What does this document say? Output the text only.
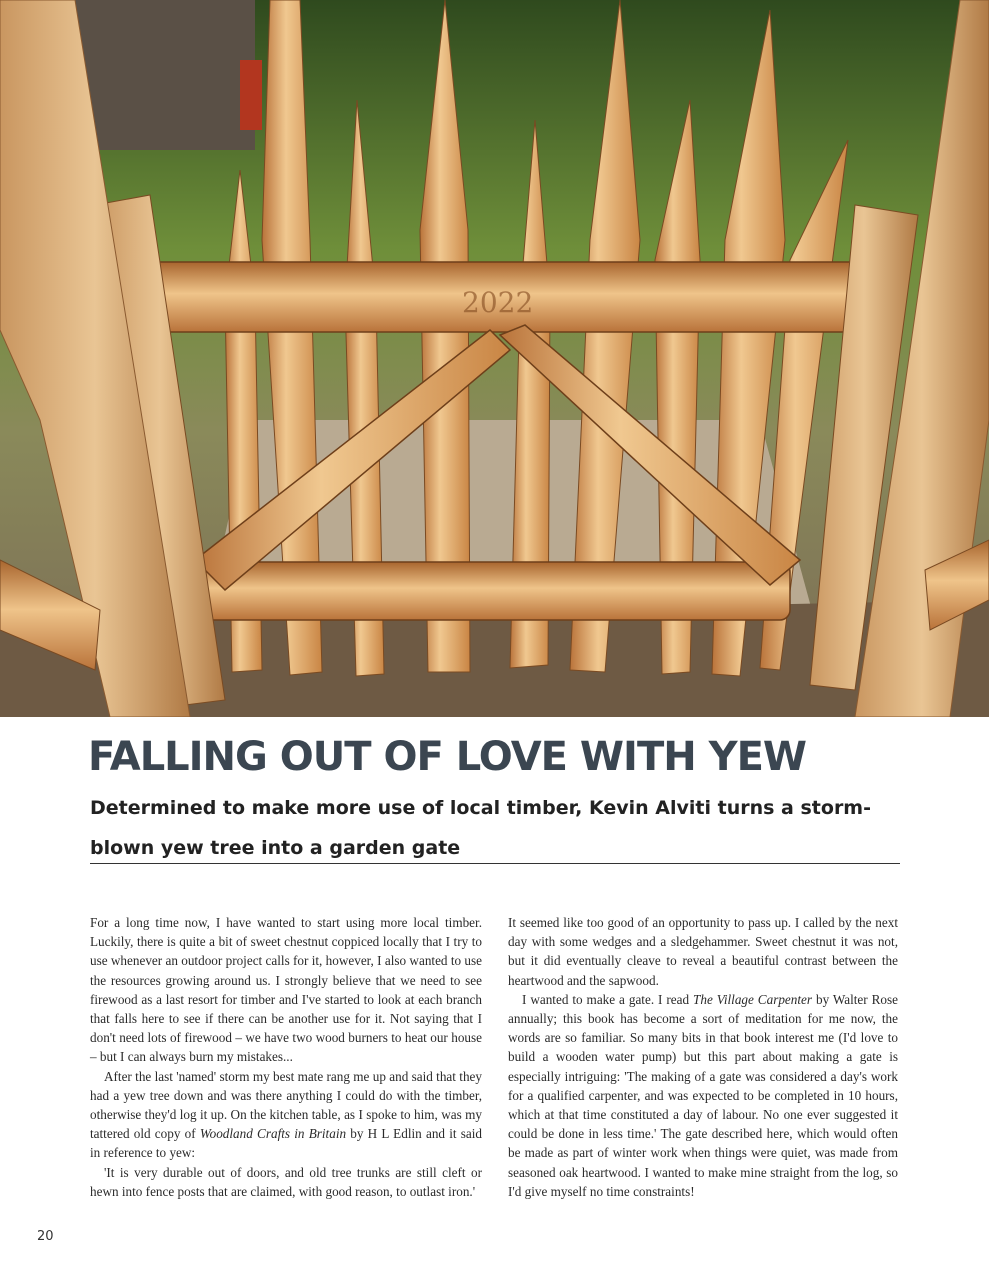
2022
FALLING OUT OF LOVE WITH YEW

Determined to make more use of local timber, Kevin Alviti turns a storm-blown yew tree into a garden gate

For a long time now, I have wanted to start using more local timber. Luckily, there is quite a bit of sweet chestnut coppiced locally that I try to use whenever an outdoor project calls for it, however, I also wanted to use the resources growing around us. I strongly believe that we need to see firewood as a last resort for timber and I've started to look at each branch that falls here to see if there can be another use for it. Not saying that I don't need lots of firewood – we have two wood burners to heat our house – but I can always burn my mistakes...

After the last 'named' storm my best mate rang me up and said that they had a yew tree down and was there anything I could do with the timber, otherwise they'd log it up. On the kitchen table, as I spoke to him, was my tattered old copy of Woodland Crafts in Britain by H L Edlin and it said in reference to yew:

'It is very durable out of doors, and old tree trunks are still cleft or hewn into fence posts that are claimed, with good reason, to outlast iron.'

It seemed like too good of an opportunity to pass up. I called by the next day with some wedges and a sledgehammer. Sweet chestnut it was not, but it did eventually cleave to reveal a beautiful contrast between the heartwood and the sapwood.

I wanted to make a gate. I read The Village Carpenter by Walter Rose annually; this book has become a sort of meditation for me now, the words are so familiar. So many bits in that book interest me (I'd love to build a wooden water pump) but this part about making a gate is especially intriguing: 'The making of a gate was considered a day's work for a qualified carpenter, and was expected to be completed in 10 hours, which at that time constituted a day of labour. No one ever suggested it could be done in less time.' The gate described here, which would often be made as part of winter work when things were quiet, was made from seasoned oak heartwood. I wanted to make mine straight from the log, so I'd give myself no time constraints!

20
